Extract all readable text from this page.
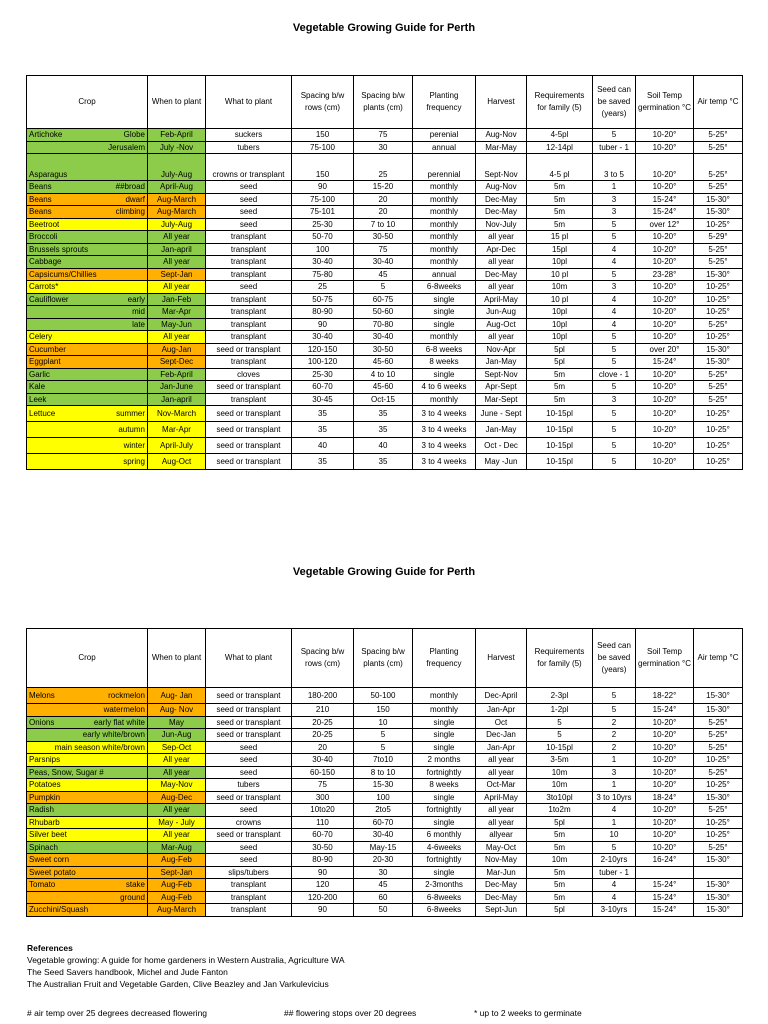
Vegetable Growing Guide for Perth
Crop	When to plant	What to plant	Spacing b/w rows (cm)	Spacing b/w plants (cm)	Planting frequency	Harvest	Requirements for family (5)	Seed can be saved (years)	Soil Temp germination °C	Air temp °C

Artichoke Globe	Feb-April	suckers	150	75	perenial	Aug-Nov	4-5pl	5	10-20°	5-25°

Jerusalem	July -Nov	tubers	75-100	30	annual	Mar-May	12-14pl	tuber - 1	10-20°	5-25°

Asparagus	July-Aug	crowns or transplant	150	25	perennial	Sept-Nov	4-5 pl	3 to 5	10-20°	5-25°

Beans ##broad	April-Aug	seed	90	15-20	monthly	Aug-Nov	5m	1	10-20°	5-25°

Beans dwarf	Aug-March	seed	75-100	20	monthly	Dec-May	5m	3	15-24°	15-30°

Beans climbing	Aug-March	seed	75-101	20	monthly	Dec-May	5m	3	15-24°	15-30°

Beetroot	July-Aug	seed	25-30	7 to 10	monthly	Nov-July	5m	5	over 12°	10-25°

Broccoli	All year	transplant	50-70	30-50	monthly	all year	15 pl	5	10-20°	5-29°

Brussels sprouts	Jan-april	transplant	100	75	monthly	Apr-Dec	15pl	4	10-20°	5-25°

Cabbage	All year	transplant	30-40	30-40	monthly	all year	10pl	4	10-20°	5-25°

Capsicums/Chillies	Sept-Jan	transplant	75-80	45	annual	Dec-May	10 pl	5	23-28°	15-30°

Carrots*	All year	seed	25	5	6-8weeks	all year	10m	3	10-20°	10-25°

Cauliflower early	Jan-Feb	transplant	50-75	60-75	single	April-May	10 pl	4	10-20°	10-25°

mid	Mar-Apr	transplant	80-90	50-60	single	Jun-Aug	10pl	4	10-20°	10-25°

late	May-Jun	transplant	90	70-80	single	Aug-Oct	10pl	4	10-20°	5-25°

Celery	All year	transplant	30-40	30-40	monthly	all year	10pl	5	10-20°	10-25°

Cucumber	Aug-Jan	seed or transplant	120-150	30-50	6-8 weeks	Nov-Apr	5pl	5	over 20°	15-30°

Eggplant	Sept-Dec	transplant	100-120	45-60	8 weeks	Jan-May	5pl	5	15-24°	15-30°

Garlic	Feb-April	cloves	25-30	4 to 10	single	Sept-Nov	5m	clove - 1	10-20°	5-25°

Kale	Jan-June	seed or transplant	60-70	45-60	4 to 6 weeks	Apr-Sept	5m	5	10-20°	5-25°

Leek	Jan-april	transplant	30-45	Oct-15	monthly	Mar-Sept	5m	3	10-20°	5-25°

Lettuce summer	Nov-March	seed or transplant	35	35	3 to 4 weeks	June - Sept	10-15pl	5	10-20°	10-25°

autumn	Mar-Apr	seed or transplant	35	35	3 to 4 weeks	Jan-May	10-15pl	5	10-20°	10-25°

winter	April-July	seed or transplant	40	40	3 to 4 weeks	Oct - Dec	10-15pl	5	10-20°	10-25°

spring	Aug-Oct	seed or transplant	35	35	3 to 4 weeks	May -Jun	10-15pl	5	10-20°	10-25°
Vegetable Growing Guide for Perth
Crop	When to plant	What to plant	Spacing b/w rows (cm)	Spacing b/w plants (cm)	Planting frequency	Harvest	Requirements for family (5)	Seed can be saved (years)	Soil Temp germination °C	Air temp °C

Melons rockmelon	Aug- Jan	seed or transplant	180-200	50-100	monthly	Dec-April	2-3pl	5	18-22°	15-30°

watermelon	Aug- Nov	seed or transplant	210	150	monthly	Jan-Apr	1-2pl	5	15-24°	15-30°

Onions early flat white	May	seed or transplant	20-25	10	single	Oct	5	2	10-20°	5-25°

early white/brown	Jun-Aug	seed or transplant	20-25	5	single	Dec-Jan	5	2	10-20°	5-25°

main season white/brown	Sep-Oct	seed	20	5	single	Jan-Apr	10-15pl	2	10-20°	5-25°

Parsnips	All year	seed	30-40	7to10	2 months	all year	3-5m	1	10-20°	10-25°

Peas, Snow, Sugar #	All year	seed	60-150	8 to 10	fortnightly	all year	10m	3	10-20°	5-25°

Potatoes	May-Nov	tubers	75	15-30	8 weeks	Oct-Mar	10m	1	10-20°	10-25°

Pumpkin	Aug-Dec	seed or transplant	300	100	single	April-May	3to10pl	3 to 10yrs	18-24°	15-30°

Radish	All year	seed	10to20	2to5	fortnightly	all year	1to2m	4	10-20°	5-25°

Rhubarb	May - July	crowns	110	60-70	single	all year	5pl	1	10-20°	10-25°

Silver beet	All year	seed or transplant	60-70	30-40	6 monthly	allyear	5m	10	10-20°	10-25°

Spinach	Mar-Aug	seed	30-50	May-15	4-6weeks	May-Oct	5m	5	10-20°	5-25°

Sweet corn	Aug-Feb	seed	80-90	20-30	fortnightly	Nov-May	10m	2-10yrs	16-24°	15-30°

Sweet potato	Sept-Jan	slips/tubers	90	30	single	Mar-Jun	5m	tuber - 1		

Tomato stake	Aug-Feb	transplant	120	45	2-3months	Dec-May	5m	4	15-24°	15-30°

ground	Aug-Feb	transplant	120-200	60	6-8weeks	Dec-May	5m	4	15-24°	15-30°

Zucchini/Squash	Aug-March	transplant	90	50	6-8weeks	Sept-Jun	5pl	3-10yrs	15-24°	15-30°
References
Vegetable growing: A guide for home gardeners in Western Australia, Agriculture WA
The Seed Savers handbook, Michel and Jude Fanton
The Australian Fruit and Vegetable Garden, Clive Beazley and Jan Varkulevicius
# air temp over 25 degrees decreased flowering	## flowering stops over 20 degrees	* up to 2 weeks to germinate
